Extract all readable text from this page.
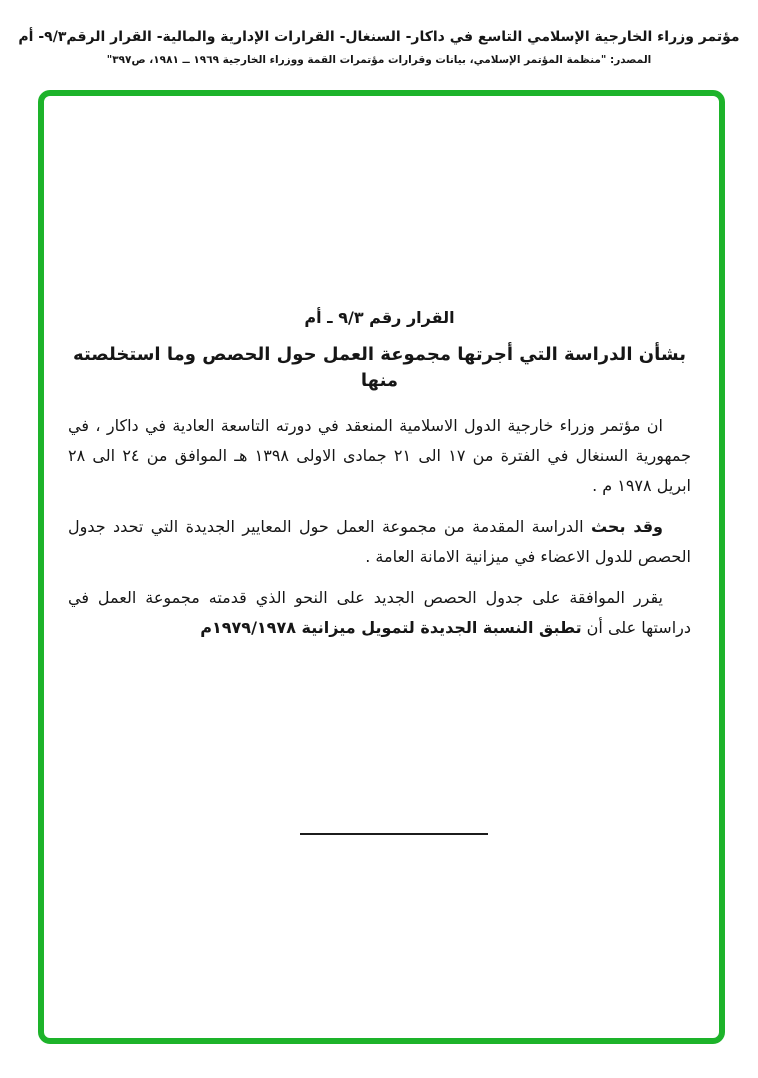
مؤتمر وزراء الخارجية الإسلامي التاسع في داكار- السنغال- القرارات الإدارية والمالية- القرار الرقم٩/٣- أم
المصدر: "منظمة المؤتمر الإسلامي، بيانات وقرارات مؤتمرات القمة ووزراء الخارجية ١٩٦٩ ــ ١٩٨١، ص٣٩٧"
القرار رقم ٩/٣ ـ أم
بشأن الدراسة التي أجرتها مجموعة العمل حول الحصص وما استخلصته منها

ان مؤتمر وزراء خارجية الدول الاسلامية المنعقد في دورته التاسعة العادية في داكار ، في جمهورية السنغال في الفترة من ١٧ الى ٢١ جمادى الاولى ١٣٩٨ هـ الموافق من ٢٤ الى ٢٨ ابريل ١٩٧٨ م .

وقد بحث الدراسة المقدمة من مجموعة العمل حول المعايير الجديدة التي تحدد جدول الحصص للدول الاعضاء في ميزانية الامانة العامة .

يقرر الموافقة على جدول الحصص الجديد على النحو الذي قدمته مجموعة العمل في دراستها على أن تطبق النسبة الجديدة لتمويل ميزانية ١٩٧٩/١٩٧٨م
